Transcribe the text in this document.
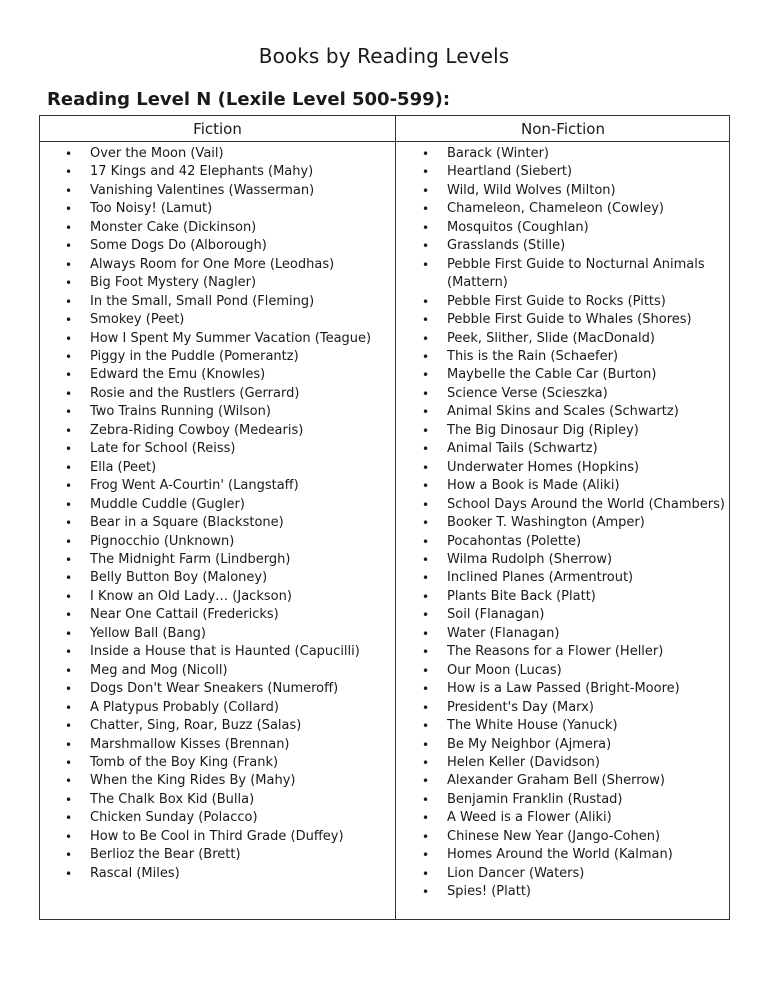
Books by Reading Levels
Reading Level N (Lexile Level 500-599):
Fiction	Non-Fiction
• Over the Moon (Vail)
• 17 Kings and 42 Elephants (Mahy)
• Vanishing Valentines (Wasserman)
• Too Noisy! (Lamut)
• Monster Cake (Dickinson)
• Some Dogs Do (Alborough)
• Always Room for One More (Leodhas)
• Big Foot Mystery (Nagler)
• In the Small, Small Pond (Fleming)
• Smokey (Peet)
• How I Spent My Summer Vacation (Teague)
• Piggy in the Puddle (Pomerantz)
• Edward the Emu (Knowles)
• Rosie and the Rustlers (Gerrard)
• Two Trains Running (Wilson)
• Zebra-Riding Cowboy (Medearis)
• Late for School (Reiss)
• Ella (Peet)
• Frog Went A-Courtin' (Langstaff)
• Muddle Cuddle (Gugler)
• Bear in a Square (Blackstone)
• Pignocchio (Unknown)
• The Midnight Farm (Lindbergh)
• Belly Button Boy (Maloney)
• I Know an Old Lady… (Jackson)
• Near One Cattail (Fredericks)
• Yellow Ball (Bang)
• Inside a House that is Haunted (Capucilli)
• Meg and Mog (Nicoll)
• Dogs Don't Wear Sneakers (Numeroff)
• A Platypus Probably (Collard)
• Chatter, Sing, Roar, Buzz (Salas)
• Marshmallow Kisses (Brennan)
• Tomb of the Boy King (Frank)
• When the King Rides By (Mahy)
• The Chalk Box Kid (Bulla)
• Chicken Sunday (Polacco)
• How to Be Cool in Third Grade (Duffey)
• Berlioz the Bear (Brett)
• Rascal (Miles)
• Barack (Winter)
• Heartland (Siebert)
• Wild, Wild Wolves (Milton)
• Chameleon, Chameleon (Cowley)
• Mosquitos (Coughlan)
• Grasslands (Stille)
• Pebble First Guide to Nocturnal Animals (Mattern)
• Pebble First Guide to Rocks (Pitts)
• Pebble First Guide to Whales (Shores)
• Peek, Slither, Slide (MacDonald)
• This is the Rain (Schaefer)
• Maybelle the Cable Car (Burton)
• Science Verse (Scieszka)
• Animal Skins and Scales (Schwartz)
• The Big Dinosaur Dig (Ripley)
• Animal Tails (Schwartz)
• Underwater Homes (Hopkins)
• How a Book is Made (Aliki)
• School Days Around the World (Chambers)
• Booker T. Washington (Amper)
• Pocahontas (Polette)
• Wilma Rudolph (Sherrow)
• Inclined Planes (Armentrout)
• Plants Bite Back (Platt)
• Soil (Flanagan)
• Water (Flanagan)
• The Reasons for a Flower (Heller)
• Our Moon (Lucas)
• How is a Law Passed (Bright-Moore)
• President's Day (Marx)
• The White House (Yanuck)
• Be My Neighbor (Ajmera)
• Helen Keller (Davidson)
• Alexander Graham Bell (Sherrow)
• Benjamin Franklin (Rustad)
• A Weed is a Flower (Aliki)
• Chinese New Year (Jango-Cohen)
• Homes Around the World (Kalman)
• Lion Dancer (Waters)
• Spies! (Platt)
